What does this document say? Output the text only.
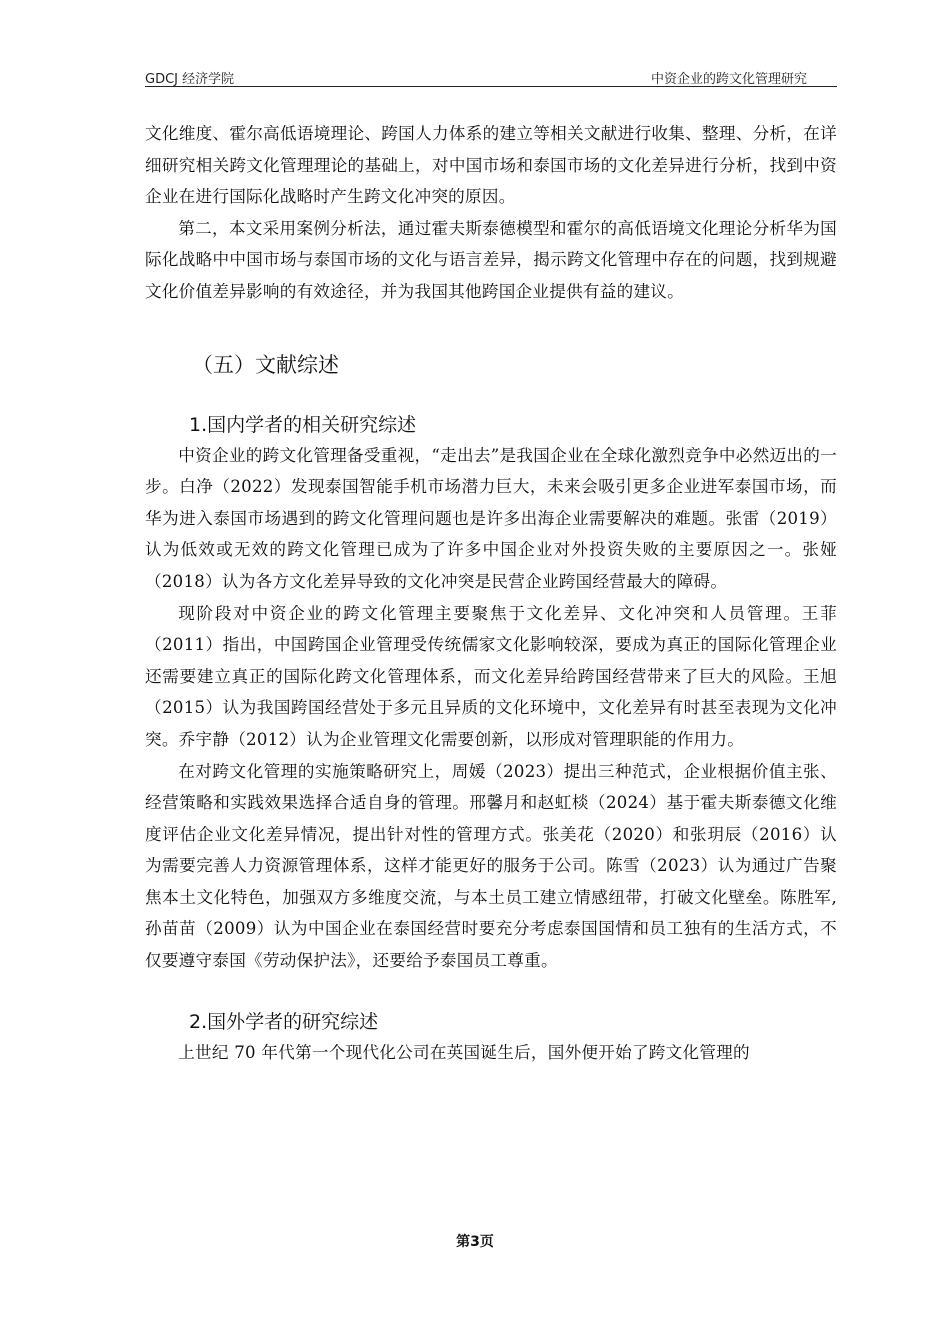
GDCJ 经济学院	中资企业的跨文化管理研究

文化维度、霍尔高低语境理论、跨国人力体系的建立等相关文献进行收集、整理、分析，在详细研究相关跨文化管理理论的基础上，对中国市场和泰国市场的文化差异进行分析，找到中资企业在进行国际化战略时产生跨文化冲突的原因。

第二，本文采用案例分析法，通过霍夫斯泰德模型和霍尔的高低语境文化理论分析华为国际化战略中中国市场与泰国市场的文化与语言差异，揭示跨文化管理中存在的问题，找到规避文化价值差异影响的有效途径，并为我国其他跨国企业提供有益的建议。

（五）文献综述
1.国内学者的相关研究综述

中资企业的跨文化管理备受重视，“走出去”是我国企业在全球化激烈竞争中必然迈出的一步。白净（2022）发现泰国智能手机市场潜力巨大，未来会吸引更多企业进军泰国市场，而华为进入泰国市场遇到的跨文化管理问题也是许多出海企业需要解决的难题。张雷（2019）认为低效或无效的跨文化管理已成为了许多中国企业对外投资失败的主要原因之一。张娅（2018）认为各方文化差异导致的文化冲突是民营企业跨国经营最大的障碍。

现阶段对中资企业的跨文化管理主要聚焦于文化差异、文化冲突和人员管理。王菲（2011）指出，中国跨国企业管理受传统儒家文化影响较深，要成为真正的国际化管理企业还需要建立真正的国际化跨文化管理体系，而文化差异给跨国经营带来了巨大的风险。王旭（2015）认为我国跨国经营处于多元且异质的文化环境中，文化差异有时甚至表现为文化冲突。乔宇静（2012）认为企业管理文化需要创新，以形成对管理职能的作用力。

在对跨文化管理的实施策略研究上，周媛（2023）提出三种范式，企业根据价值主张、经营策略和实践效果选择合适自身的管理。邢馨月和赵虹棪（2024）基于霍夫斯泰德文化维度评估企业文化差异情况，提出针对性的管理方式。张美花（2020）和张玥辰（2016）认为需要完善人力资源管理体系，这样才能更好的服务于公司。陈雪（2023）认为通过广告聚焦本土文化特色，加强双方多维度交流，与本土员工建立情感纽带，打破文化壁垒。陈胜军,孙苗苗（2009）认为中国企业在泰国经营时要充分考虑泰国国情和员工独有的生活方式，不仅要遵守泰国《劳动保护法》，还要给予泰国员工尊重。

2.国外学者的研究综述

上世纪 70 年代第一个现代化公司在英国诞生后，国外便开始了跨文化管理的

第3页
